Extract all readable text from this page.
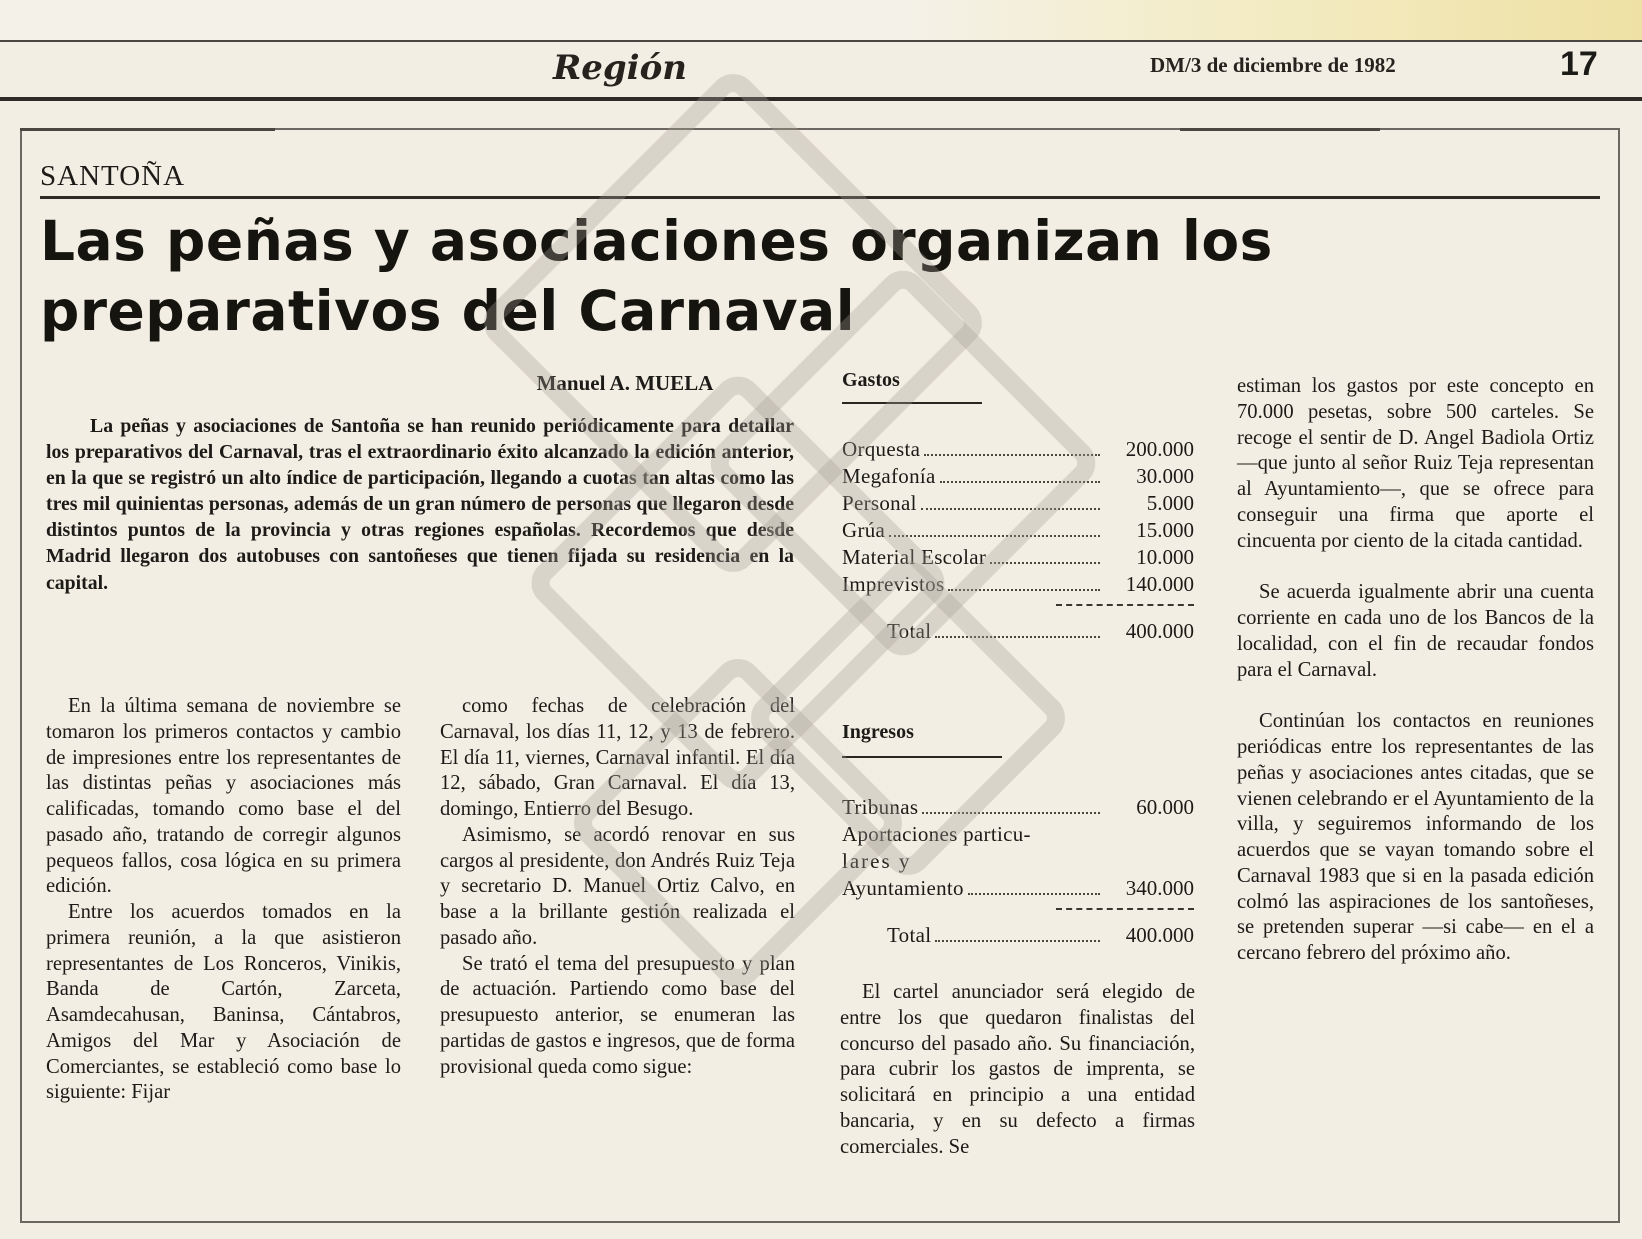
Región	DM/3 de diciembre de 1982	17
SANTOÑA
Las peñas y asociaciones organizan los preparativos del Carnaval
Manuel A. MUELA

La peñas y asociaciones de Santoña se han reunido periódicamente para detallar los preparativos del Carnaval, tras el extraordinario éxito alcanzado la edición anterior, en la que se registró un alto índice de participación, llegando a cuotas tan altas como las tres mil quinientas personas, además de un gran número de personas que llegaron desde distintos puntos de la provincia y otras regiones españolas. Recordemos que desde Madrid llegaron dos autobuses con santoñeses que tienen fijada su residencia en la capital.

En la última semana de noviembre se tomaron los primeros contactos y cambio de impresiones entre los representantes de las distintas peñas y asociaciones más calificadas, tomando como base el del pasado año, tratando de corregir algunos pequeos fallos, cosa lógica en su primera edición.

Entre los acuerdos tomados en la primera reunión, a la que asistieron representantes de Los Ronceros, Vinikis, Banda de Cartón, Zarceta, Asamdecahusan, Baninsa, Cántabros, Amigos del Mar y Asociación de Comerciantes, se estableció como base lo siguiente: Fijar

como fechas de celebración del Carnaval, los días 11, 12, y 13 de febrero. El día 11, viernes, Carnaval infantil. El día 12, sábado, Gran Carnaval. El día 13, domingo, Entierro del Besugo.

Asimismo, se acordó renovar en sus cargos al presidente, don Andrés Ruiz Teja y secretario D. Manuel Ortiz Calvo, en base a la brillante gestión realizada el pasado año.

Se trató el tema del presupuesto y plan de actuación. Partiendo como base del presupuesto anterior, se enumeran las partidas de gastos e ingresos, que de forma provisional queda como sigue:

Gastos
Orquesta	200.000
Megafonía	30.000
Personal	5.000
Grúa	15.000
Material Escolar	10.000
Imprevistos	140.000
Total	400.000
Ingresos
Tribunas	60.000
Aportaciones particu-
lares y
Ayuntamiento	340.000
Total	400.000

El cartel anunciador será elegido de entre los que quedaron finalistas del concurso del pasado año. Su financiación, para cubrir los gastos de imprenta, se solicitará en principio a una entidad bancaria, y en su defecto a firmas comerciales. Se

estiman los gastos por este concepto en 70.000 pesetas, sobre 500 carteles. Se recoge el sentir de D. Angel Badiola Ortiz —que junto al señor Ruiz Teja representan al Ayuntamiento—, que se ofrece para conseguir una firma que aporte el cincuenta por ciento de la citada cantidad.

Se acuerda igualmente abrir una cuenta corriente en cada uno de los Bancos de la localidad, con el fin de recaudar fondos para el Carnaval.

Continúan los contactos en reuniones periódicas entre los representantes de las peñas y asociaciones antes citadas, que se vienen celebrando er el Ayuntamiento de la villa, y seguiremos informando de los acuerdos que se vayan tomando sobre el Carnaval 1983 que si en la pasada edición colmó las aspiraciones de los santoñeses, se pretenden superar —si cabe— en el a cercano febrero del próximo año.
